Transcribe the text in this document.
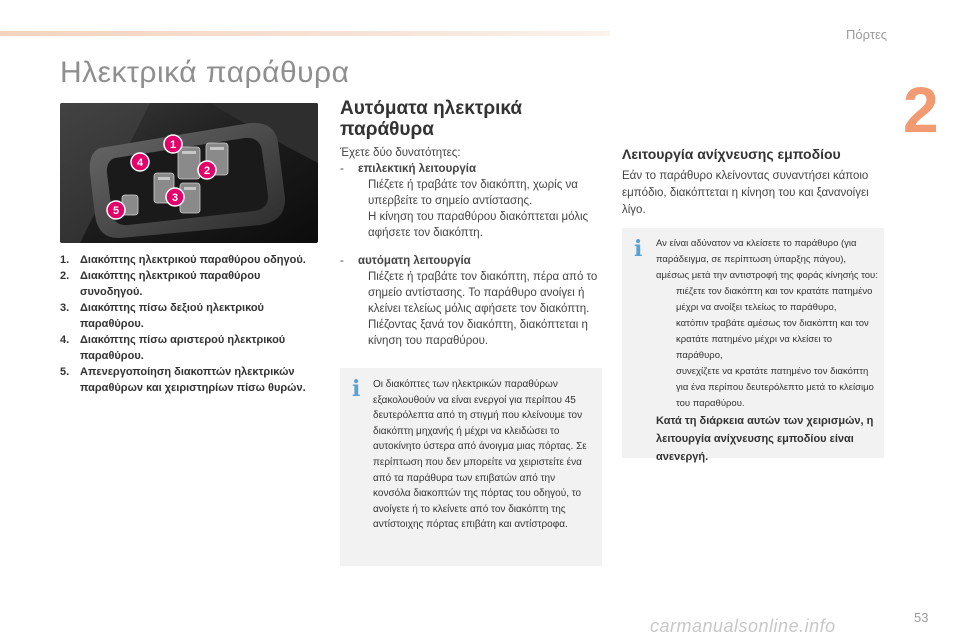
Πόρτες
2
Ηλεκτρικά παράθυρα
1
2
3
4
5
1. Διακόπτης ηλεκτρικού παραθύρου οδηγού.
2. Διακόπτης ηλεκτρικού παραθύρου συνοδηγού.
3. Διακόπτης πίσω δεξιού ηλεκτρικού παραθύρου.
4. Διακόπτης πίσω αριστερού ηλεκτρικού παραθύρου.
5. Απενεργοποίηση διακοπτών ηλεκτρικών παραθύρων και χειριστηρίων πίσω θυρών.
Αυτόματα ηλεκτρικά παράθυρα

Έχετε δύο δυνατότητες:

-	επιλεκτική λειτουργία

Πιέζετε ή τραβάτε τον διακόπτη, χωρίς να υπερβείτε το σημείο αντίστασης.

Η κίνηση του παραθύρου διακόπτεται μόλις αφήσετε τον διακόπτη.

-	αυτόματη λειτουργία

Πιέζετε ή τραβάτε τον διακόπτη, πέρα από το σημείο αντίστασης. Το παράθυρο ανοίγει ή κλείνει τελείως μόλις αφήσετε τον διακόπτη.

Πιέζοντας ξανά τον διακόπτη, διακόπτεται η κίνηση του παραθύρου.

i Οι διακόπτες των ηλεκτρικών παραθύρων εξακολουθούν να είναι ενεργοί για περίπου 45 δευτερόλεπτα από τη στιγμή που κλείνουμε τον διακόπτη μηχανής ή μέχρι να κλειδώσει το αυτοκίνητο ύστερα από άνοιγμα μιας πόρτας. Σε περίπτωση που δεν μπορείτε να χειριστείτε ένα από τα παράθυρα των επιβατών από την κονσόλα διακοπτών της πόρτας του οδηγού, το ανοίγετε ή το κλείνετε από τον διακόπτη της αντίστοιχης πόρτας επιβάτη και αντίστροφα.
Λειτουργία ανίχνευσης εμποδίου

Εάν το παράθυρο κλείνοντας συναντήσει κάποιο εμπόδιο, διακόπτεται η κίνηση του και ξανανοίγει λίγο.

i Αν είναι αδύνατον να κλείσετε το παράθυρο (για παράδειγμα, σε περίπτωση ύπαρξης πάγου), αμέσως μετά την αντιστροφή της φοράς κίνησής του:

πιέζετε τον διακόπτη και τον κρατάτε πατημένο μέχρι να ανοίξει τελείως το παράθυρο,

κατόπιν τραβάτε αμέσως τον διακόπτη και τον κρατάτε πατημένο μέχρι να κλείσει το παράθυρο,

συνεχίζετε να κρατάτε πατημένο τον διακόπτη για ένα περίπου δευτερόλεπτο μετά το κλείσιμο του παραθύρου.

Κατά τη διάρκεια αυτών των χειρισμών, η λειτουργία ανίχνευσης εμποδίου είναι ανενεργή.

53
carmanualsonline.info
